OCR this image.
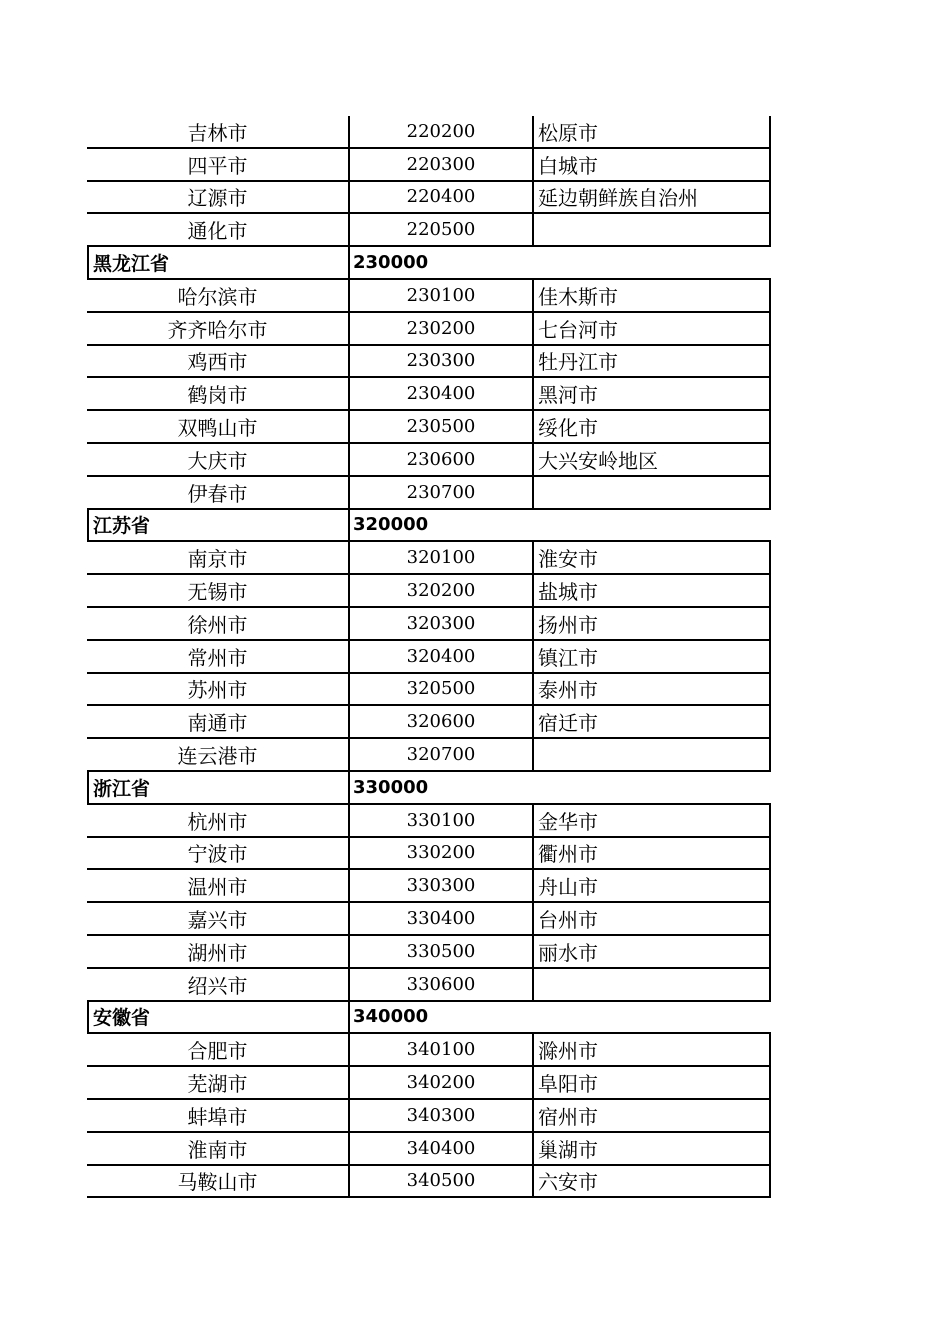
吉林市	220200	松原市
四平市	220300	白城市
辽源市	220400	延边朝鲜族自治州
通化市	220500
黑龙江省	230000
哈尔滨市	230100	佳木斯市
齐齐哈尔市	230200	七台河市
鸡西市	230300	牡丹江市
鹤岗市	230400	黑河市
双鸭山市	230500	绥化市
大庆市	230600	大兴安岭地区
伊春市	230700
江苏省	320000
南京市	320100	淮安市
无锡市	320200	盐城市
徐州市	320300	扬州市
常州市	320400	镇江市
苏州市	320500	泰州市
南通市	320600	宿迁市
连云港市	320700
浙江省	330000
杭州市	330100	金华市
宁波市	330200	衢州市
温州市	330300	舟山市
嘉兴市	330400	台州市
湖州市	330500	丽水市
绍兴市	330600
安徽省	340000
合肥市	340100	滁州市
芜湖市	340200	阜阳市
蚌埠市	340300	宿州市
淮南市	340400	巢湖市
马鞍山市	340500	六安市
